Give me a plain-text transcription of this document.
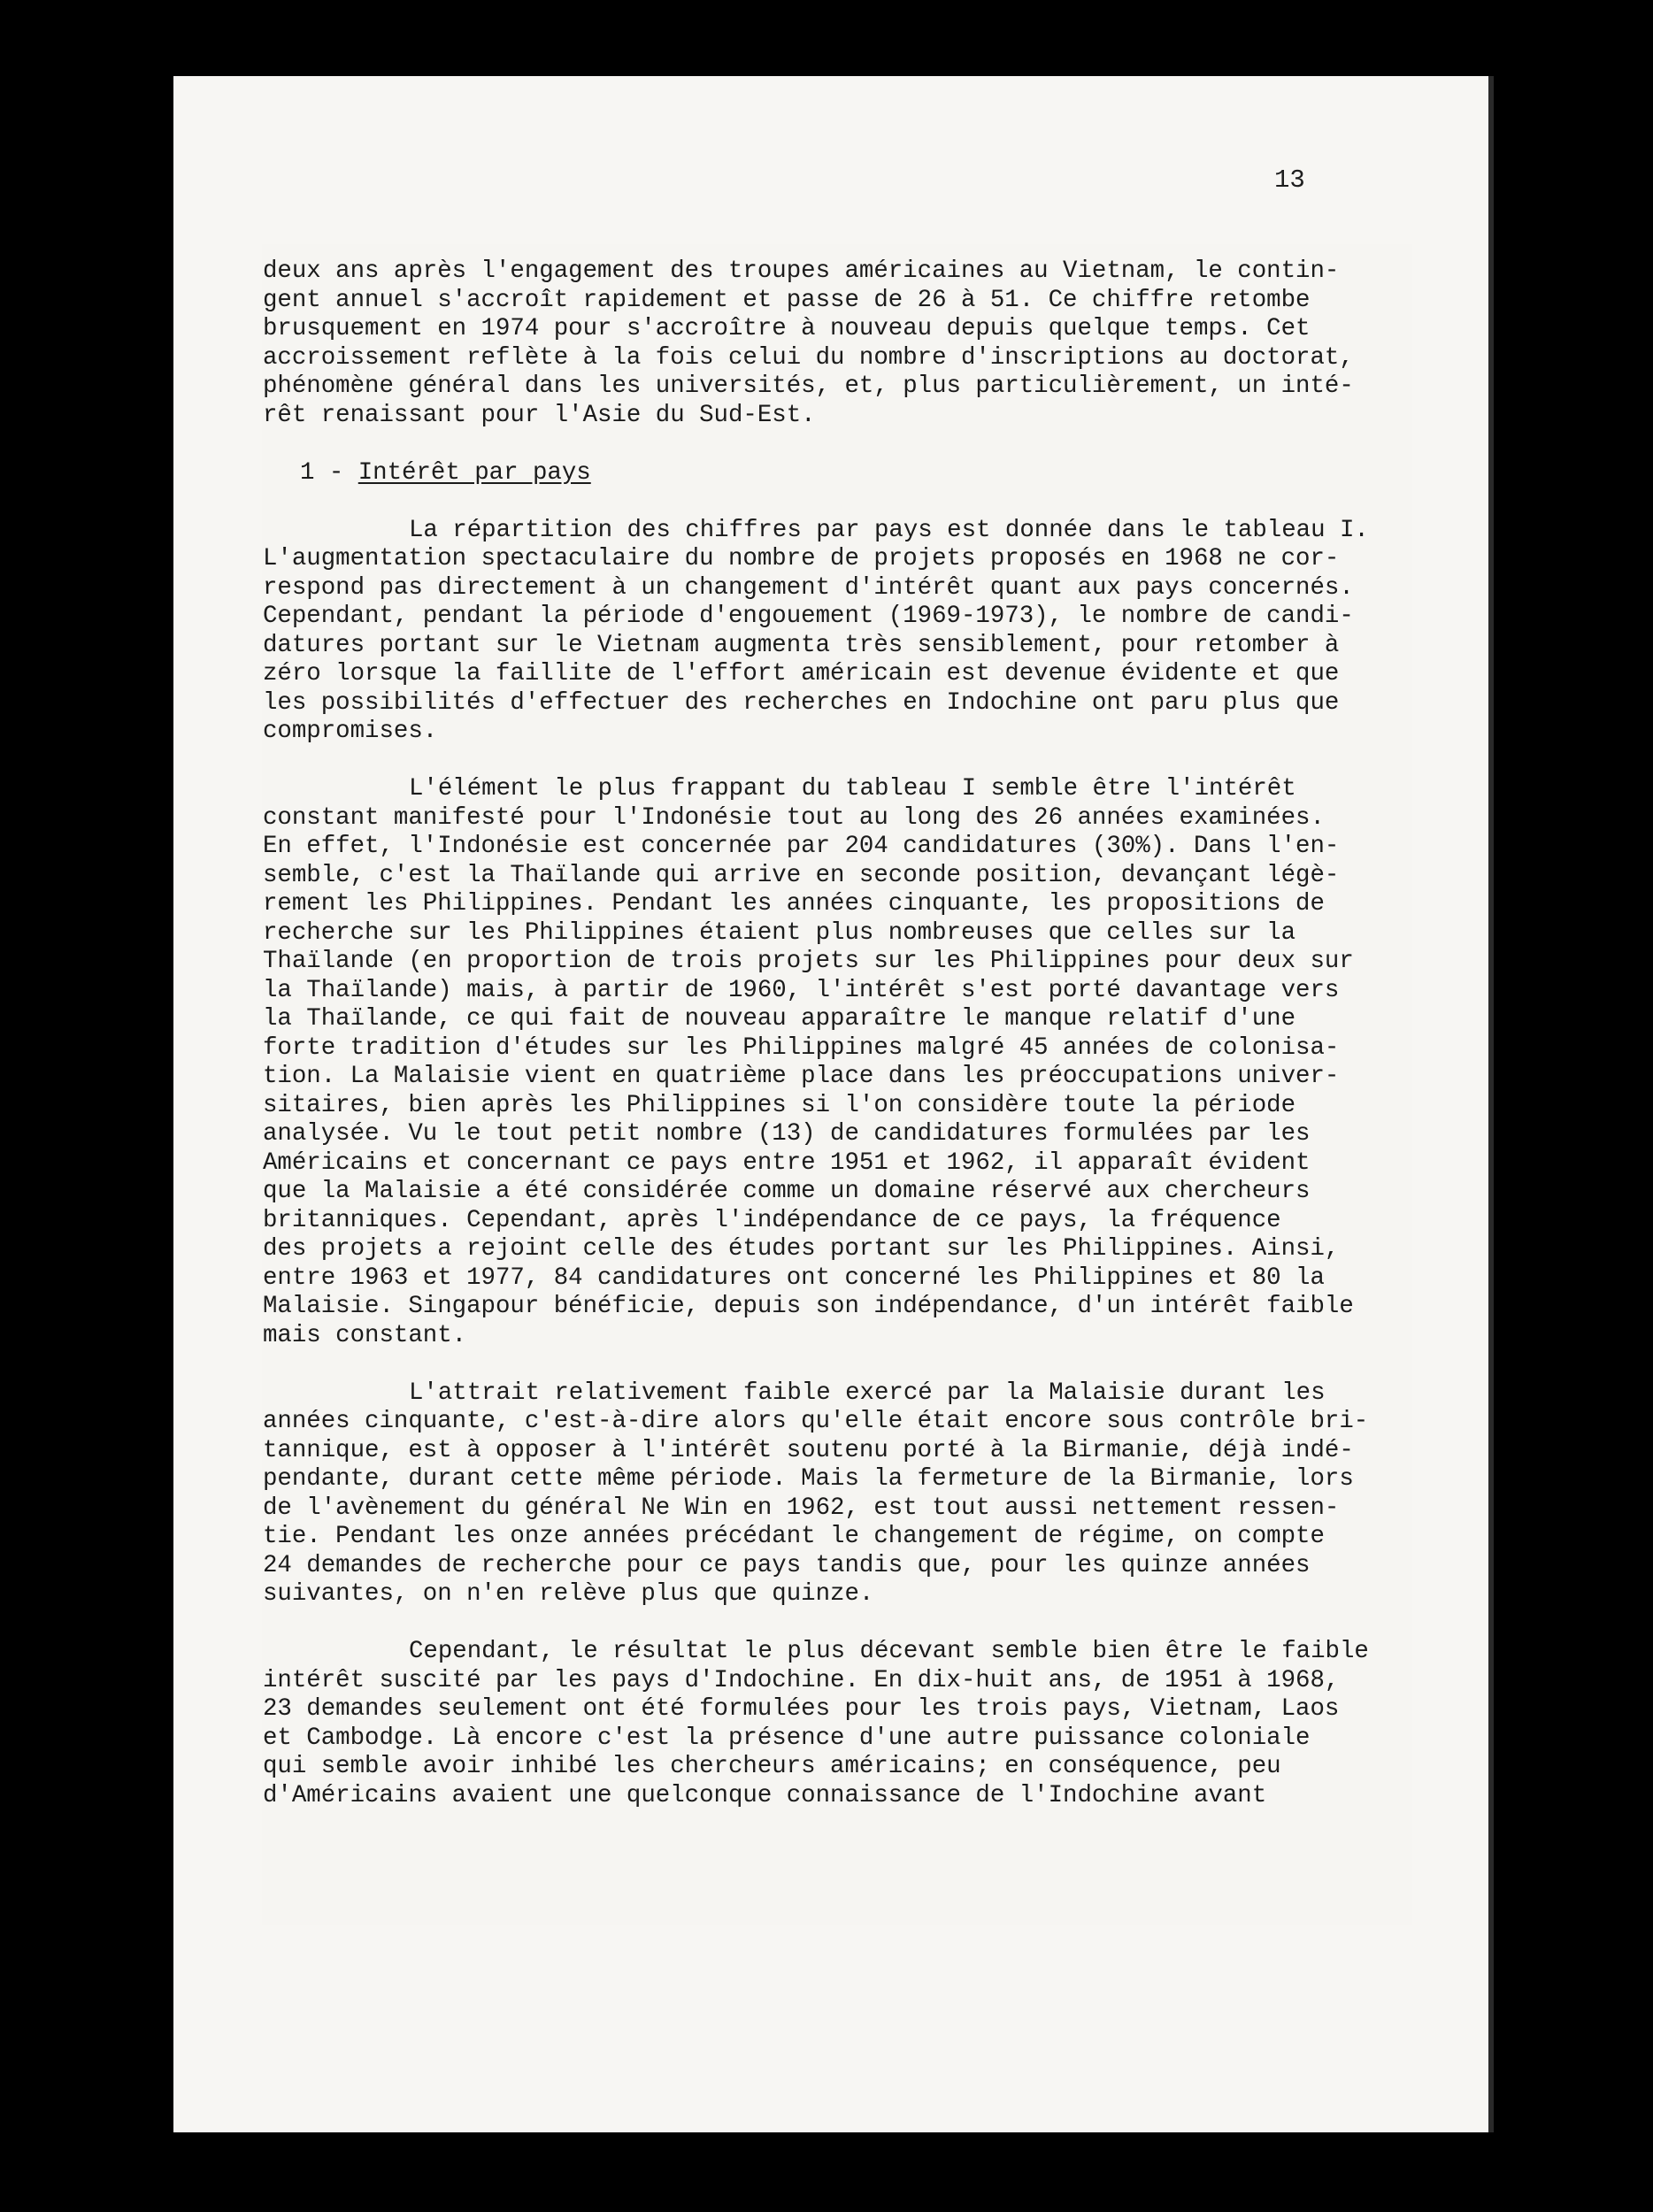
13
deux ans après l'engagement des troupes américaines au Vietnam, le contin-
gent annuel s'accroît rapidement et passe de 26 à 51. Ce chiffre retombe
brusquement en 1974 pour s'accroître à nouveau depuis quelque temps. Cet
accroissement reflète à la fois celui du nombre d'inscriptions au doctorat,
phénomène général dans les universités, et, plus particulièrement, un inté-
rêt renaissant pour l'Asie du Sud-Est.
1 - Intérêt par pays
La répartition des chiffres par pays est donnée dans le tableau I.
L'augmentation spectaculaire du nombre de projets proposés en 1968 ne cor-
respond pas directement à un changement d'intérêt quant aux pays concernés.
Cependant, pendant la période d'engouement (1969-1973), le nombre de candi-
datures portant sur le Vietnam augmenta très sensiblement, pour retomber à
zéro lorsque la faillite de l'effort américain est devenue évidente et que
les possibilités d'effectuer des recherches en Indochine ont paru plus que
compromises.
L'élément le plus frappant du tableau I semble être l'intérêt
constant manifesté pour l'Indonésie tout au long des 26 années examinées.
En effet, l'Indonésie est concernée par 204 candidatures (30%). Dans l'en-
semble, c'est la Thaïlande qui arrive en seconde position, devançant légè-
rement les Philippines. Pendant les années cinquante, les propositions de
recherche sur les Philippines étaient plus nombreuses que celles sur la
Thaïlande (en proportion de trois projets sur les Philippines pour deux sur
la Thaïlande) mais, à partir de 1960, l'intérêt s'est porté davantage vers
la Thaïlande, ce qui fait de nouveau apparaître le manque relatif d'une
forte tradition d'études sur les Philippines malgré 45 années de colonisa-
tion. La Malaisie vient en quatrième place dans les préoccupations univer-
sitaires, bien après les Philippines si l'on considère toute la période
analysée. Vu le tout petit nombre (13) de candidatures formulées par les
Américains et concernant ce pays entre 1951 et 1962, il apparaît évident
que la Malaisie a été considérée comme un domaine réservé aux chercheurs
britanniques. Cependant, après l'indépendance de ce pays, la fréquence
des projets a rejoint celle des études portant sur les Philippines. Ainsi,
entre 1963 et 1977, 84 candidatures ont concerné les Philippines et 80 la
Malaisie. Singapour bénéficie, depuis son indépendance, d'un intérêt faible
mais constant.
L'attrait relativement faible exercé par la Malaisie durant les
années cinquante, c'est-à-dire alors qu'elle était encore sous contrôle bri-
tannique, est à opposer à l'intérêt soutenu porté à la Birmanie, déjà indé-
pendante, durant cette même période. Mais la fermeture de la Birmanie, lors
de l'avènement du général Ne Win en 1962, est tout aussi nettement ressen-
tie. Pendant les onze années précédant le changement de régime, on compte
24 demandes de recherche pour ce pays tandis que, pour les quinze années
suivantes, on n'en relève plus que quinze.
Cependant, le résultat le plus décevant semble bien être le faible
intérêt suscité par les pays d'Indochine. En dix-huit ans, de 1951 à 1968,
23 demandes seulement ont été formulées pour les trois pays, Vietnam, Laos
et Cambodge. Là encore c'est la présence d'une autre puissance coloniale
qui semble avoir inhibé les chercheurs américains; en conséquence, peu
d'Américains avaient une quelconque connaissance de l'Indochine avant
